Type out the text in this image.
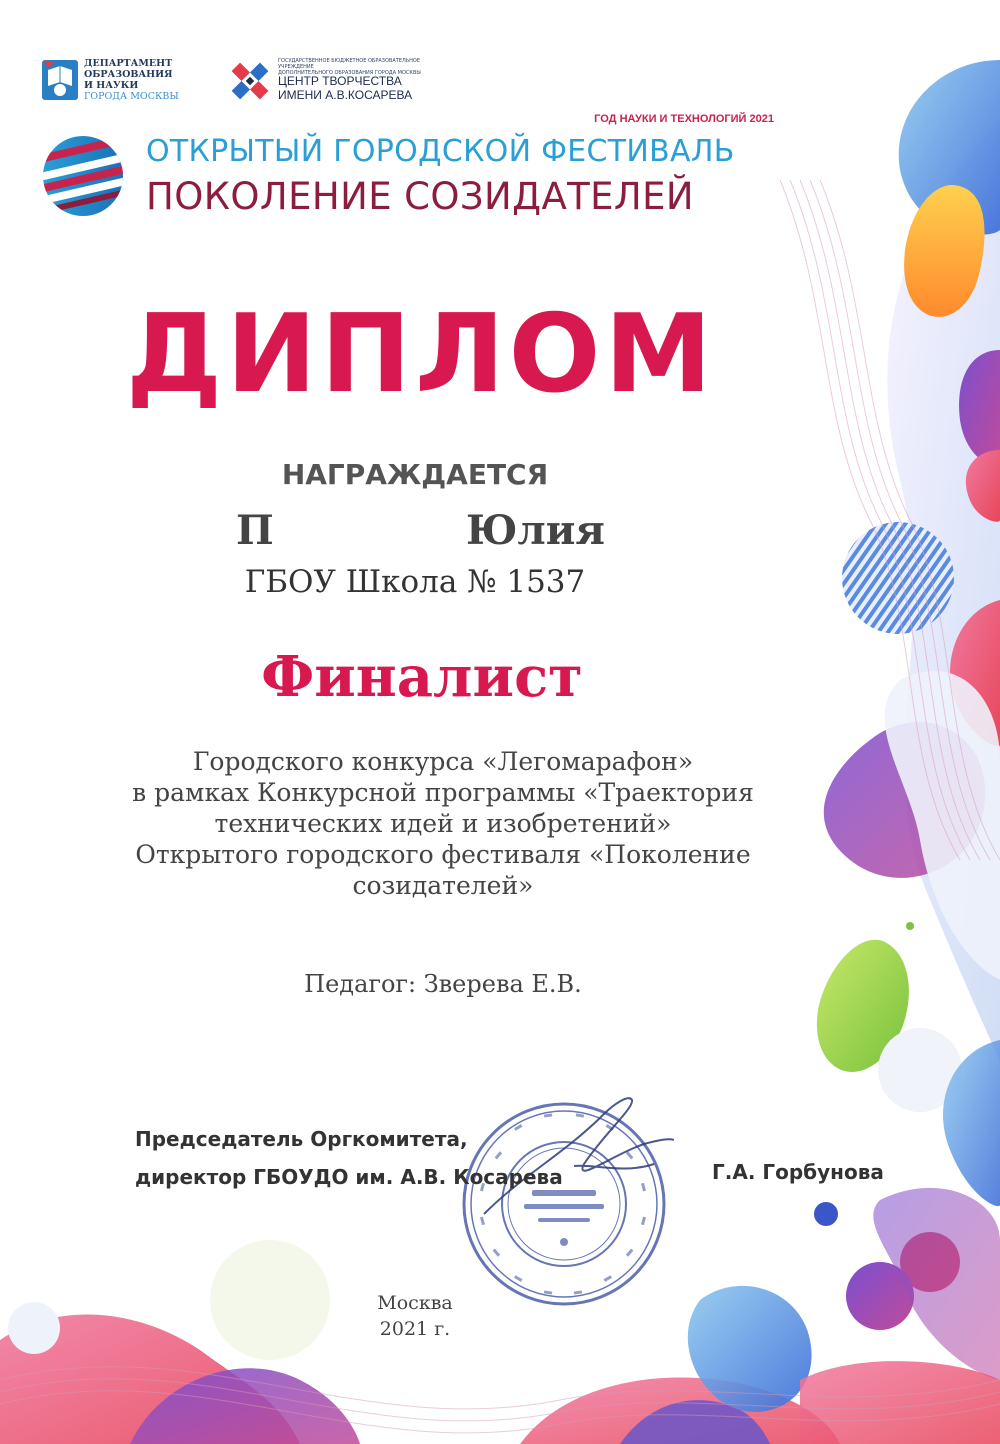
ДЕПАРТАМЕНТ
ОБРАЗОВАНИЯ
И НАУКИ
ГОРОДА МОСКВЫ
ГОСУДАРСТВЕННОЕ БЮДЖЕТНОЕ ОБРАЗОВАТЕЛЬНОЕ УЧРЕЖДЕНИЕ
ДОПОЛНИТЕЛЬНОГО ОБРАЗОВАНИЯ ГОРОДА МОСКВЫ
ЦЕНТР ТВОРЧЕСТВА
ИМЕНИ А.В.КОСАРЕВА
ГОД НАУКИ И ТЕХНОЛОГИЙ 2021
ОТКРЫТЫЙ ГОРОДСКОЙ ФЕСТИВАЛЬ
ПОКОЛЕНИЕ СОЗИДАТЕЛЕЙ
ДИПЛОМ
НАГРАЖДАЕТСЯ
П	Юлия
ГБОУ Школа № 1537
Финалист
Городского конкурса «Легомарафон»
в рамках Конкурсной программы «Траектория
технических идей и изобретений»
Открытого городского фестиваля «Поколение
созидателей»
Педагог: Зверева Е.В.
Председатель Оргкомитета,
директор ГБОУДО им. А.В. Косарева	Г.А. Горбунова
Москва
2021 г.
